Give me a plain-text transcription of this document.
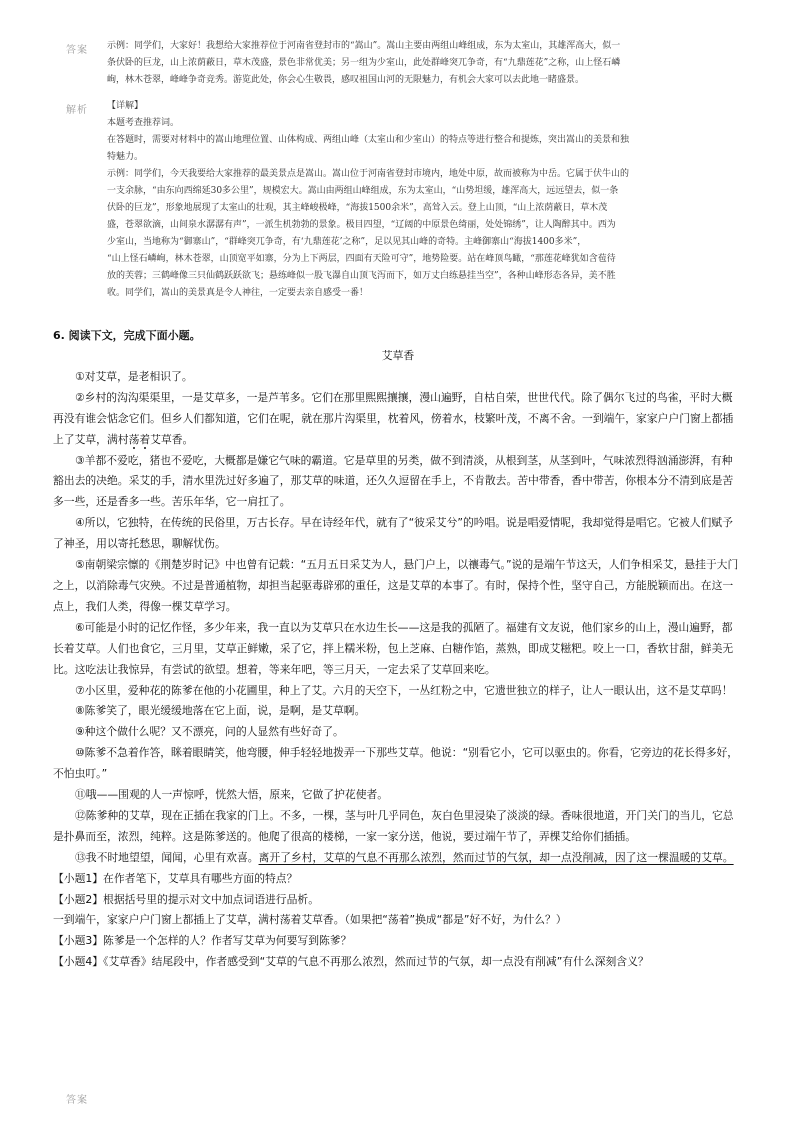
答案 示例：同学们，大家好！我想给大家推荐位于河南省登封市的“嵩山”。嵩山主要由两组山峰组成，东为太室山，其雄浑高大，似一

条伏卧的巨龙，山上浓荫蔽日，草木茂盛，景色非常优美；另一组为少室山，此处群峰突兀争奇，有“九鼎莲花”之称，山上怪石嶙

峋，林木苍翠，峰峰争奇竞秀。游览此处，你会心生敬畏，感叹祖国山河的无限魅力，有机会大家可以去此地一睹盛景。

解析 【详解】

本题考查推荐词。

在答题时，需要对材料中的嵩山地理位置、山体构成、两组山峰（太室山和少室山）的特点等进行整合和提炼，突出嵩山的美景和独

特魅力。

示例：同学们，今天我要给大家推荐的最美景点是嵩山。嵩山位于河南省登封市境内，地处中原，故而被称为中岳。它属于伏牛山的

一支余脉，“由东向西绵延30多公里”，规模宏大。嵩山由两组山峰组成，东为太室山，“山势坦缓，雄浑高大，远远望去，似一条

伏卧的巨龙”，形象地展现了太室山的壮观，其主峰峻极峰，“海拔1500余米”，高耸入云。登上山顶，“山上浓荫蔽日，草木茂

盛，苍翠欲滴，山间泉水潺潺有声”，一派生机勃勃的景象。极目四望，“辽阔的中原景色绮丽，处处锦绣”，让人陶醉其中。西为

少室山，当地称为“御寨山”，“群峰突兀争奇，有‘九鼎莲花’之称”，足以见其山峰的奇特。主峰御寨山“海拔1400多米”，

“山上怪石嶙峋，林木苍翠，山顶宽平如寨，分为上下两层，四面有天险可守”，地势险要。站在峰顶鸟瞰，“那莲花峰犹如含苞待

放的芙蓉；三鹤峰像三只仙鹤跃跃欲飞；悬练峰似一股飞瀑自山顶飞泻而下，如万丈白练悬挂当空”，各种山峰形态各异，美不胜

收。同学们，嵩山的美景真是令人神往，一定要去亲自感受一番！

6. 阅读下文，完成下面小题。

艾草香

①对艾草，是老相识了。

②乡村的沟沟渠渠里，一是艾草多，一是芦苇多。它们在那里熙熙攘攘，漫山遍野，自枯自荣，世世代代。除了偶尔飞过的鸟雀，平时大概再没有谁会惦念它们。但乡人们都知道，它们在呢，就在那片沟渠里，枕着风，傍着水，枝繁叶茂，不离不舍。一到端午，家家户户门窗上都插上了艾草，满村荡着艾草香。

③羊都不爱吃，猪也不爱吃，大概都是嫌它气味的霸道。它是草里的另类，做不到清淡，从根到茎，从茎到叶，气味浓烈得汹涌澎湃，有种豁出去的决绝。采艾的手，清水里洗过好多遍了，那艾草的味道，还久久逗留在手上，不肯散去。苦中带香，香中带苦，你根本分不清到底是苦多一些，还是香多一些。苦乐年华，它一肩扛了。

④所以，它独特，在传统的民俗里，万古长存。早在诗经年代，就有了“彼采艾兮”的吟唱。说是唱爱情呢，我却觉得是唱它。它被人们赋予了神圣，用以寄托愁思，聊解忧伤。

⑤南朝梁宗懔的《荆楚岁时记》中也曾有记载：“五月五日采艾为人，悬门户上，以禳毒气。”说的是端午节这天，人们争相采艾，悬挂于大门之上，以消除毒气灾殃。不过是普通植物，却担当起驱毒辟邪的重任，这是艾草的本事了。有时，保持个性，坚守自己，方能脱颖而出。在这一点上，我们人类，得像一棵艾草学习。

⑥可能是小时的记忆作怪，多少年来，我一直以为艾草只在水边生长——这是我的孤陋了。福建有文友说，他们家乡的山上，漫山遍野，都长着艾草。人们也食它，三月里，艾草正鲜嫩，采了它，拌上糯米粉，包上芝麻、白糖作馅，蒸熟，即成艾糍粑。咬上一口，香软甘甜，鲜美无比。这吃法让我惊异，有尝试的欲望。想着，等来年吧，等三月天，一定去采了艾草回来吃。

⑦小区里，爱种花的陈爹在他的小花圃里，种上了艾。六月的天空下，一丛红粉之中，它遗世独立的样子，让人一眼认出，这不是艾草吗！

⑧陈爹笑了，眼光缓缓地落在它上面，说，是啊，是艾草啊。

⑨种这个做什么呢？又不漂亮，问的人显然有些好奇了。

⑩陈爹不急着作答，眯着眼睛笑，他弯腰，伸手轻轻地拨弄一下那些艾草。他说：“别看它小，它可以驱虫的。你看，它旁边的花长得多好，不怕虫叮。”

⑪哦——围观的人一声惊呼，恍然大悟，原来，它做了护花使者。

⑫陈爹种的艾草，现在正插在我家的门上。不多，一棵，茎与叶几乎同色，灰白色里浸染了淡淡的绿。香味很地道，开门关门的当儿，它总是扑鼻而至，浓烈，纯粹。这是陈爹送的。他爬了很高的楼梯，一家一家分送，他说，要过端午节了，弄棵艾给你们插插。

⑬我不时地望望，闻闻，心里有欢喜。离开了乡村，艾草的气息不再那么浓烈，然而过节的气氛，却一点没削减，因了这一棵温暖的艾草。

【小题1】在作者笔下，艾草具有哪些方面的特点？

【小题2】根据括号里的提示对文中加点词语进行品析。

一到端午，家家户户门窗上都插上了艾草，满村荡着艾草香。（如果把“荡着”换成“都是”好不好，为什么？）

【小题3】陈爹是一个怎样的人？作者写艾草为何要写到陈爹？

【小题4】《艾草香》结尾段中，作者感受到“艾草的气息不再那么浓烈，然而过节的气氛，却一点没有削减”有什么深刻含义？

答案
